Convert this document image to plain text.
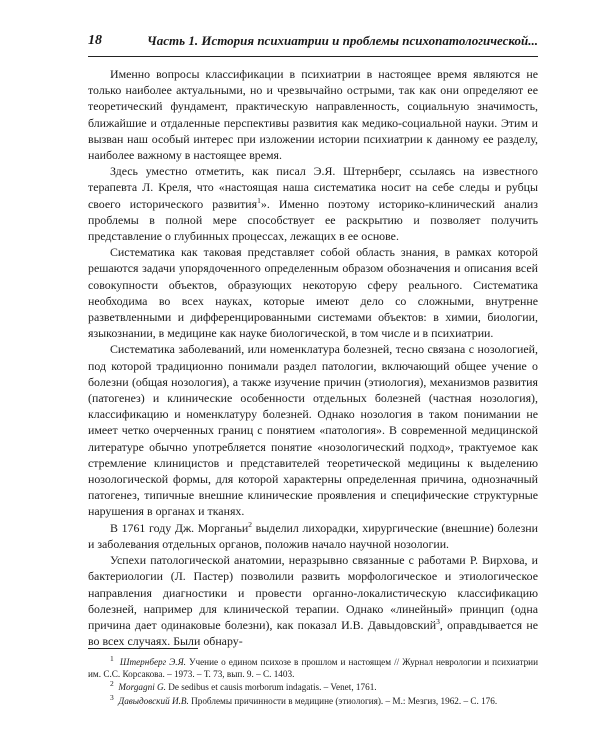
18	Часть 1. История психиатрии и проблемы психопатологической...

Именно вопросы классификации в психиатрии в настоящее время являются не только наиболее актуальными, но и чрезвычайно острыми, так как они определяют ее теоретический фундамент, практическую направленность, социальную значимость, ближайшие и отдаленные перспективы развития как медико-социальной науки. Этим и вызван наш особый интерес при изложении истории психиатрии к данному ее разделу, наиболее важному в настоящее время.

Здесь уместно отметить, как писал Э.Я. Штернберг, ссылаясь на известного терапевта Л. Креля, что «настоящая наша систематика носит на себе следы и рубцы своего исторического развития$^1$». Именно поэтому историко-клинический анализ проблемы в полной мере способствует ее раскрытию и позволяет получить представление о глубинных процессах, лежащих в ее основе.

Систематика как таковая представляет собой область знания, в рамках которой решаются задачи упорядоченного определенным образом обозначения и описания всей совокупности объектов, образующих некоторую сферу реального. Систематика необходима во всех науках, которые имеют дело со сложными, внутренне разветвленными и дифференцированными системами объектов: в химии, биологии, языкознании, в медицине как науке биологической, в том числе и в психиатрии.

Систематика заболеваний, или номенклатура болезней, тесно связана с нозологией, под которой традиционно понимали раздел патологии, включающий общее учение о болезни (общая нозология), а также изучение причин (этиология), механизмов развития (патогенез) и клинические особенности отдельных болезней (частная нозология), классификацию и номенклатуру болезней. Однако нозология в таком понимании не имеет четко очерченных границ с понятием «патология». В современной медицинской литературе обычно употребляется понятие «нозологический подход», трактуемое как стремление клиницистов и представителей теоретической медицины к выделению нозологической формы, для которой характерны определенная причина, однозначный патогенез, типичные внешние клинические проявления и специфические структурные нарушения в органах и тканях.

В 1761 году Дж. Морганьи$^2$ выделил лихорадки, хирургические (внешние) болезни и заболевания отдельных органов, положив начало научной нозологии.

Успехи патологической анатомии, неразрывно связанные с работами Р. Вирхова, и бактериологии (Л. Пастер) позволили развить морфологическое и этиологическое направления диагностики и провести органно-локалистическую классификацию болезней, например для клинической терапии. Однако «линейный» принцип (одна причина дает одинаковые болезни), как показал И.В. Давыдовский$^3$, оправдывается не во всех случаях. Были обнару-

$^1$ Штернберг Э.Я. Учение о едином психозе в прошлом и настоящем // Журнал неврологии и психиатрии им. С.С. Корсакова. – 1973. – Т. 73, вып. 9. – С. 1403.

$^2$ Morgagni G. De sedibus et causis morborum indagatis. – Venet, 1761.

$^3$ Давыдовский И.В. Проблемы причинности в медицине (этиология). – М.: Мезгиз, 1962. – С. 176.
